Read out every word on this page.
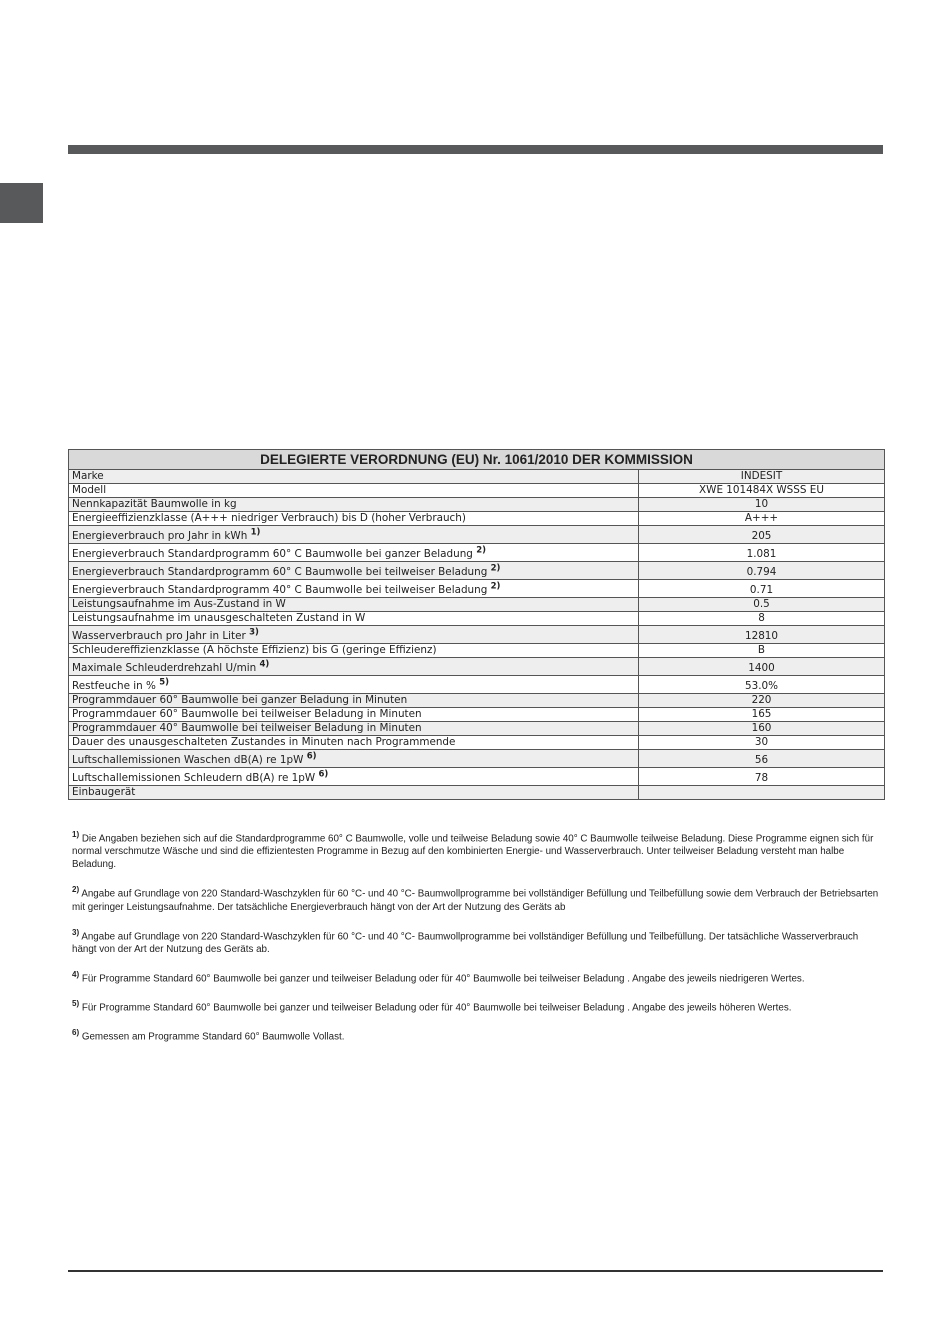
DELEGIERTE VERORDNUNG (EU) Nr. 1061/2010 DER KOMMISSION	
Marke	INDESIT
Modell	XWE 101484X WSSS EU
Nennkapazität Baumwolle in kg	10
Energieeffizienzklasse (A+++ niedriger Verbrauch) bis D (hoher Verbrauch)	A+++
Energieverbrauch pro Jahr in kWh $^{1)}$	205
Energieverbrauch Standardprogramm 60° C Baumwolle bei ganzer Beladung $^{2)}$	1.081
Energieverbrauch Standardprogramm 60° C Baumwolle bei teilweiser Beladung $^{2)}$	0.794
Energieverbrauch Standardprogramm 40° C Baumwolle bei teilweiser Beladung $^{2)}$	0.71
Leistungsaufnahme im Aus-Zustand in W	0.5
Leistungsaufnahme im unausgeschalteten Zustand in W	8
Wasserverbrauch pro Jahr in Liter $^{3)}$	12810
Schleudereffizienzklasse (A höchste Effizienz) bis G (geringe Effizienz)	B
Maximale Schleuderdrehzahl U/min $^{4)}$	1400
Restfeuche in % $^{5)}$	53.0%
Programmdauer 60° Baumwolle bei ganzer Beladung in Minuten	220
Programmdauer 60° Baumwolle bei teilweiser Beladung in Minuten	165
Programmdauer 40° Baumwolle bei teilweiser Beladung in Minuten	160
Dauer des unausgeschalteten Zustandes in Minuten nach Programmende	30
Luftschallemissionen Waschen dB(A) re 1pW $^{6)}$	56
Luftschallemissionen Schleudern dB(A) re 1pW $^{6)}$	78
Einbaugerät	

$^{1)}$ Die Angaben beziehen sich auf die Standardprogramme 60° C Baumwolle, volle und teilweise Beladung sowie 40° C Baumwolle teilweise Beladung. Diese Programme eignen sich für normal verschmutze Wäsche und sind die effizientesten Programme in Bezug auf den kombinierten Energie- und Wasserverbrauch. Unter teilweiser Beladung versteht man halbe Beladung.

$^{2)}$ Angabe auf Grundlage von 220 Standard-Waschzyklen für 60 °C- und 40 °C- Baumwollprogramme bei vollständiger Befüllung und Teilbefüllung sowie dem Verbrauch der Betriebsarten mit geringer Leistungsaufnahme. Der tatsächliche Energieverbrauch hängt von der Art der Nutzung des Geräts ab

$^{3)}$ Angabe auf Grundlage von 220 Standard-Waschzyklen für 60 °C- und 40 °C- Baumwollprogramme bei vollständiger Befüllung und Teilbefüllung. Der tatsächliche Wasserverbrauch hängt von der Art der Nutzung des Geräts ab.

$^{4)}$ Für Programme Standard 60° Baumwolle bei ganzer und teilweiser Beladung oder für 40° Baumwolle bei teilweiser Beladung . Angabe des jeweils niedrigeren Wertes.

$^{5)}$ Für Programme Standard 60° Baumwolle bei ganzer und teilweiser Beladung oder für 40° Baumwolle bei teilweiser Beladung . Angabe des jeweils höheren Wertes.

$^{6)}$ Gemessen am Programme Standard 60° Baumwolle Vollast.
